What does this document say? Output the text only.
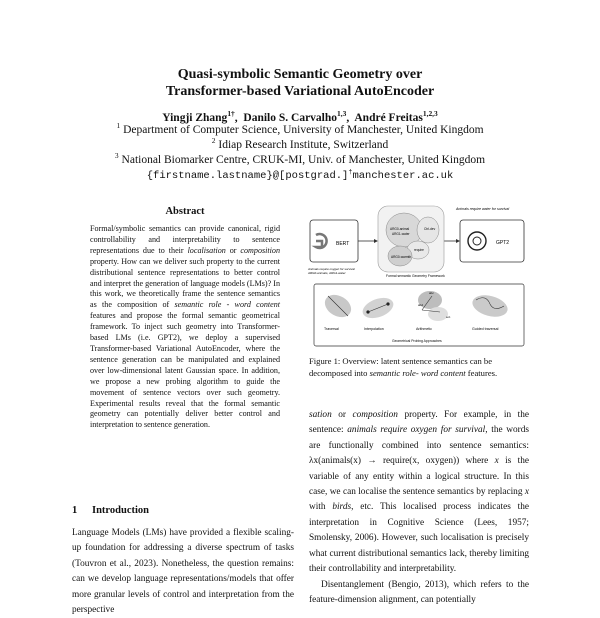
Quasi-symbolic Semantic Geometry over
Transformer-based Variational AutoEncoder
Yingji Zhang$^{1\dagger}$,  Danilo S. Carvalho$^{1,3}$,  André Freitas$^{1,2,3}$
$^1$ Department of Computer Science, University of Manchester, United Kingdom
$^2$ Idiap Research Institute, Switzerland
$^3$ National Biomarker Centre, CRUK-MI, Univ. of Manchester, United Kingdom
{firstname.lastname}@[postgrad.]†manchester.ac.uk
Abstract
Formal/symbolic semantics can provide canonical, rigid controllability and interpretability to sentence representations due to their localisation or composition property. How can we deliver such property to the current distributional sentence representations to better control and interpret the generation of language models (LMs)? In this work, we theoretically frame the sentence semantics as the composition of semantic role - word content features and propose the formal semantic geometrical framework. To inject such geometry into Transformer-based LMs (i.e. GPT2), we deploy a supervised Transformer-based Variational AutoEncoder, where the sentence generation can be manipulated and explained over low-dimensional latent Gaussian space. In addition, we propose a new probing algorithm to guide the movement of sentence vectors over such geometry. Experimental results reveal that the formal semantic geometry can potentially deliver better control and interpretation to sentence generation.
1 Introduction
Language Models (LMs) have provided a flexible scaling-up foundation for addressing a diverse spectrum of tasks (Touvron et al., 2023). Nonetheless, the question remains: can we develop language representations/models that offer more granular levels of control and interpretation from the perspective
BERT	GPT2
Animals require water for survival
ARG0-animal
ARG1-water
Ctrl-dev
require
ARG0-warmth
Animals require oxygen for survival
ARG0-animals, ARG1-water
Formal semantic Geometry Framework
abc
abd
a-b
Traversal	Interpolation	Arithmetic	Guided traversal
Geometrical Probing Approaches
Figure 1: Overview: latent sentence semantics can be decomposed into semantic role- word content features.
sation or composition property. For example, in the sentence: animals require oxygen for survival, the words are functionally combined into sentence semantics: λx(animals(x) → require(x, oxygen)) where x is the variable of any entity within a logical structure. In this case, we can localise the sentence semantics by replacing x with birds, etc. This localised process indicates the interpretation in Cognitive Science (Lees, 1957; Smolensky, 2006). However, such localisation is precisely what current distributional semantics lack, thereby limiting their controllability and interpretability.
Disentanglement (Bengio, 2013), which refers to the feature-dimension alignment, can potentially
